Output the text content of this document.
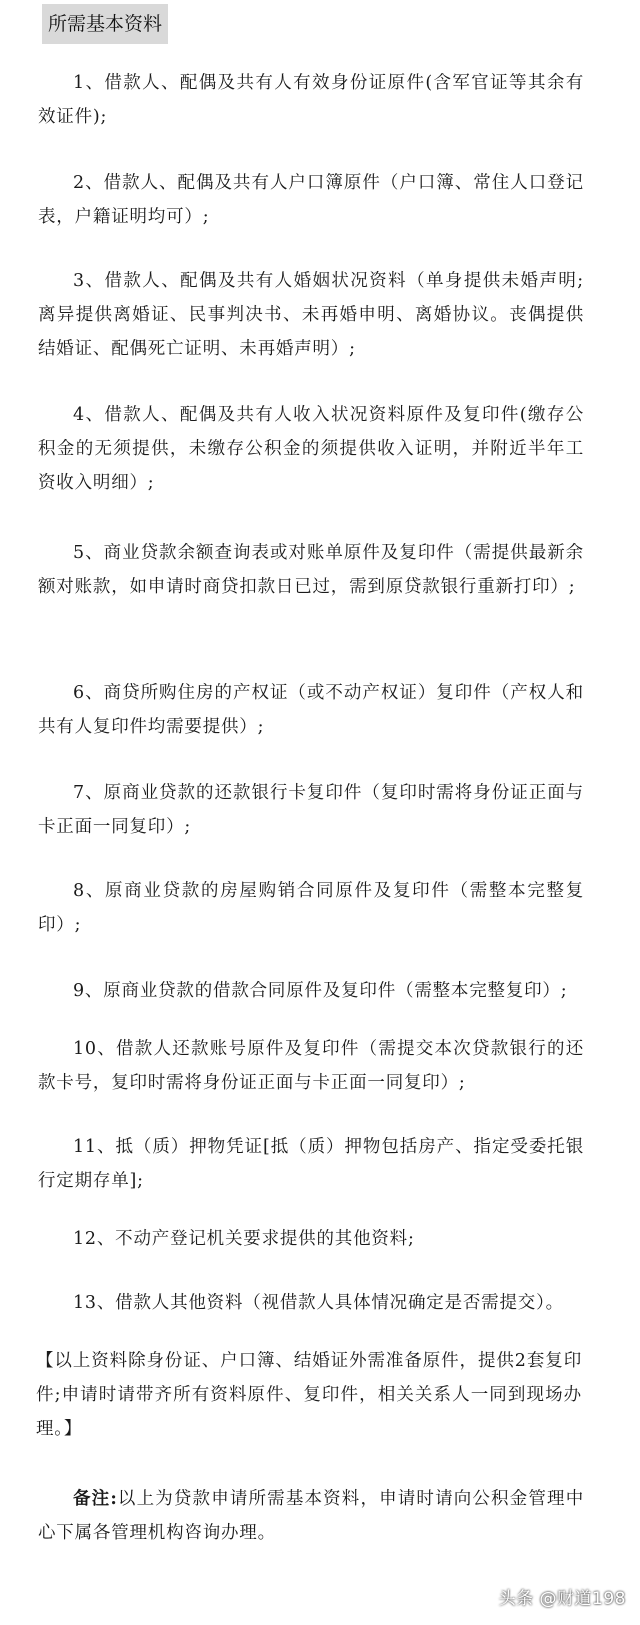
所需基本资料

1、借款人、配偶及共有人有效身份证原件(含军官证等其余有效证件);

2、借款人、配偶及共有人户口簿原件（户口簿、常住人口登记表，户籍证明均可）;

3、借款人、配偶及共有人婚姻状况资料（单身提供未婚声明;离异提供离婚证、民事判决书、未再婚申明、离婚协议。丧偶提供结婚证、配偶死亡证明、未再婚声明）;

4、借款人、配偶及共有人收入状况资料原件及复印件(缴存公积金的无须提供，未缴存公积金的须提供收入证明，并附近半年工资收入明细）;

5、商业贷款余额查询表或对账单原件及复印件（需提供最新余额对账款，如申请时商贷扣款日已过，需到原贷款银行重新打印）;

6、商贷所购住房的产权证（或不动产权证）复印件（产权人和共有人复印件均需要提供）;

7、原商业贷款的还款银行卡复印件（复印时需将身份证正面与卡正面一同复印）;

8、原商业贷款的房屋购销合同原件及复印件（需整本完整复印）;

9、原商业贷款的借款合同原件及复印件（需整本完整复印）;

10、借款人还款账号原件及复印件（需提交本次贷款银行的还款卡号，复印时需将身份证正面与卡正面一同复印）;

11、抵（质）押物凭证[抵（质）押物包括房产、指定受委托银行定期存单];

12、不动产登记机关要求提供的其他资料;

13、借款人其他资料（视借款人具体情况确定是否需提交）。

【以上资料除身份证、户口簿、结婚证外需准备原件，提供2套复印件;申请时请带齐所有资料原件、复印件，相关关系人一同到现场办理。】

备注:以上为贷款申请所需基本资料，申请时请向公积金管理中心下属各管理机构咨询办理。

头条 @财道198
